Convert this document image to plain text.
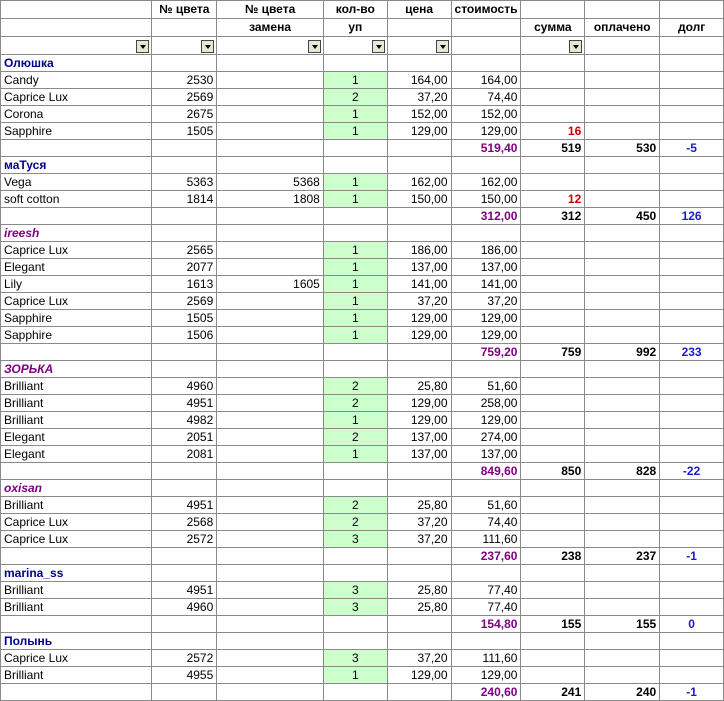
	№ цвета	№ цвета	кол-во	цена	стоимость			
		замена	уп			сумма	оплачено	долг

Олюшка								
Candy	2530		1	164,00	164,00			
Caprice Lux	2569		2	37,20	74,40			
Corona	2675		1	152,00	152,00			
Sapphire	1505		1	129,00	129,00	16		
					519,40	519	530	-5
маТуся								
Vega	5363	5368	1	162,00	162,00			
soft cotton	1814	1808	1	150,00	150,00	12		
					312,00	312	450	126
ireesh								
Caprice Lux	2565		1	186,00	186,00			
Elegant	2077		1	137,00	137,00			
Lily	1613	1605	1	141,00	141,00			
Caprice Lux	2569		1	37,20	37,20			
Sapphire	1505		1	129,00	129,00			
Sapphire	1506		1	129,00	129,00			
					759,20	759	992	233
ЗОРЬКА								
Brilliant	4960		2	25,80	51,60			
Brilliant	4951		2	129,00	258,00			
Brilliant	4982		1	129,00	129,00			
Elegant	2051		2	137,00	274,00			
Elegant	2081		1	137,00	137,00			
					849,60	850	828	-22
oxisan								
Brilliant	4951		2	25,80	51,60			
Caprice Lux	2568		2	37,20	74,40			
Caprice Lux	2572		3	37,20	111,60			
					237,60	238	237	-1
marina_ss								
Brilliant	4951		3	25,80	77,40			
Brilliant	4960		3	25,80	77,40			
					154,80	155	155	0
Полынь								
Caprice Lux	2572		3	37,20	111,60			
Brilliant	4955		1	129,00	129,00			
					240,60	241	240	-1
